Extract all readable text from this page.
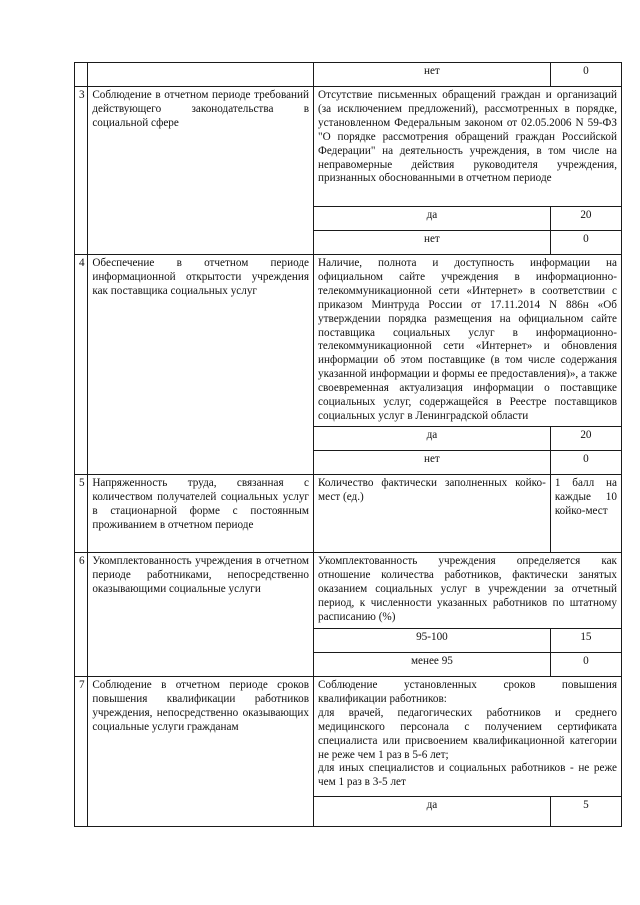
		нет	0
3	Соблюдение в отчетном периоде требований действующего законодательства в социальной сфере	Отсутствие письменных обращений граждан и организаций (за исключением предложений), рассмотренных в порядке, установленном Федеральным законом от 02.05.2006 N 59-ФЗ "О порядке рассмотрения обращений граждан Российской Федерации" на деятельность учреждения, в том числе на неправомерные действия руководителя учреждения, признанных обоснованными в отчетном периоде	
		да	20
		нет	0
4	Обеспечение в отчетном периоде информационной открытости учреждения как поставщика социальных услуг	Наличие, полнота и доступность информации на официальном сайте учреждения в информационно-телекоммуникационной сети «Интернет» в соответствии с приказом Минтруда России от 17.11.2014 N 886н «Об утверждении порядка размещения на официальном сайте поставщика социальных услуг в информационно-телекоммуникационной сети «Интернет» и обновления информации об этом поставщике (в том числе содержания указанной информации и формы ее предоставления)», а также своевременная актуализация информации о поставщике социальных услуг, содержащейся в Реестре поставщиков социальных услуг в Ленинградской области	
		да	20
		нет	0
5	Напряженность труда, связанная с количеством получателей социальных услуг в стационарной форме с постоянным проживанием в отчетном периоде	Количество фактически заполненных койко-мест (ед.)	1 балл на каждые 10 койко-мест
6	Укомплектованность учреждения в отчетном периоде работниками, непосредственно оказывающими социальные услуги	Укомплектованность учреждения определяется как отношение количества работников, фактически занятых оказанием социальных услуг в учреждении за отчетный период, к численности указанных работников по штатному расписанию (%)	
		95-100	15
		менее 95	0
7	Соблюдение в отчетном периоде сроков повышения квалификации работников учреждения, непосредственно оказывающих социальные услуги гражданам	Соблюдение установленных сроков повышения квалификации работников:

для врачей, педагогических работников и среднего медицинского персонала с получением сертификата специалиста или присвоением квалификационной категории не реже чем 1 раз в 5-6 лет;

для иных специалистов и социальных работников - не реже чем 1 раз в 3-5 лет	

		да	5
